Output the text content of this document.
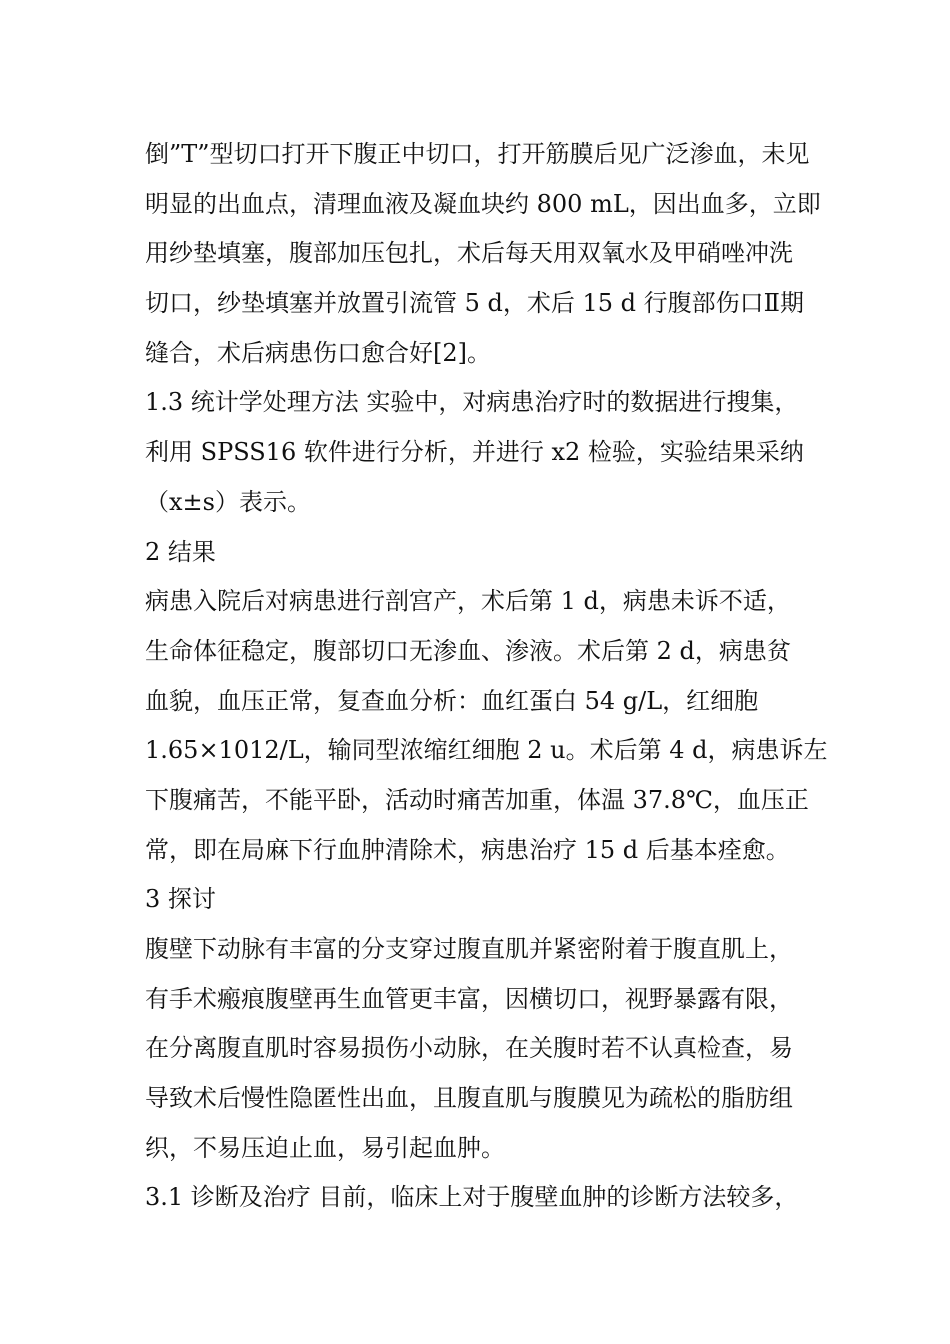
倒”T”型切口打开下腹正中切口，打开筋膜后见广泛渗血，未见
明显的出血点，清理血液及凝血块约 800 mL，因出血多，立即
用纱垫填塞，腹部加压包扎，术后每天用双氧水及甲硝唑冲洗
切口，纱垫填塞并放置引流管 5 d，术后 15 d 行腹部伤口Ⅱ期
缝合，术后病患伤口愈合好[2]。
1.3 统计学处理方法 实验中，对病患治疗时的数据进行搜集，
利用 SPSS16 软件进行分析，并进行 x2 检验，实验结果采纳
（x±s）表示。
2 结果
病患入院后对病患进行剖宫产，术后第 1 d，病患未诉不适，
生命体征稳定，腹部切口无渗血、渗液。术后第 2 d，病患贫
血貌，血压正常，复查血分析：血红蛋白 54 g/L，红细胞
1.65×1012/L，输同型浓缩红细胞 2 u。术后第 4 d，病患诉左
下腹痛苦，不能平卧，活动时痛苦加重，体温 37.8℃，血压正
常，即在局麻下行血肿清除术，病患治疗 15 d 后基本痊愈。
3 探讨
腹壁下动脉有丰富的分支穿过腹直肌并紧密附着于腹直肌上，
有手术瘢痕腹壁再生血管更丰富，因横切口，视野暴露有限，
在分离腹直肌时容易损伤小动脉，在关腹时若不认真检查，易
导致术后慢性隐匿性出血，且腹直肌与腹膜见为疏松的脂肪组
织，不易压迫止血，易引起血肿。
3.1 诊断及治疗 目前，临床上对于腹壁血肿的诊断方法较多，
